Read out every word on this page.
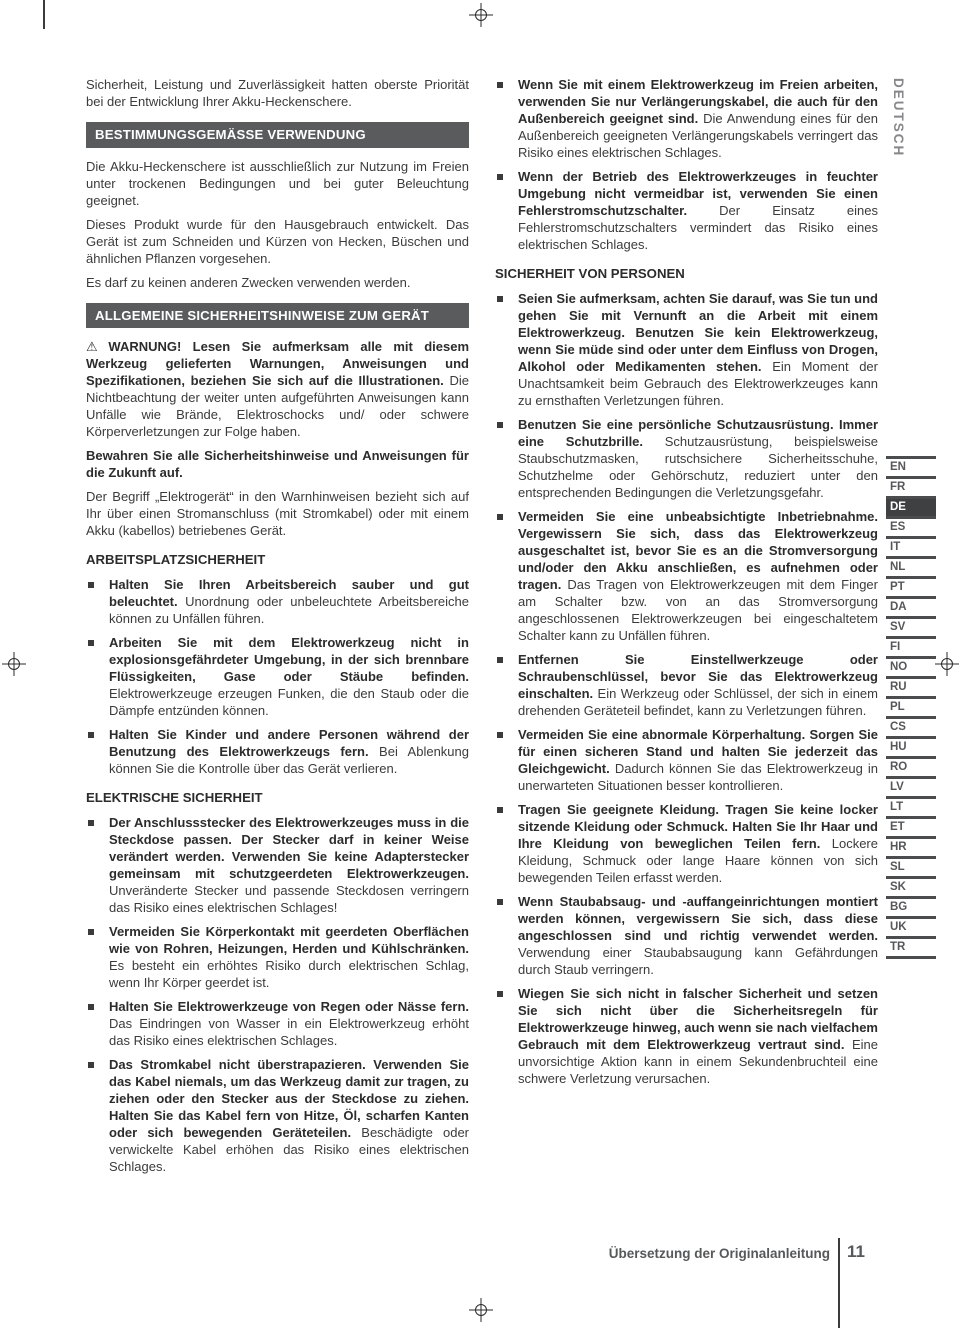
DEUTSCH
EN
FR
DE
ES
IT
NL
PT
DA
SV
FI
NO
RU
PL
CS
HU
RO
LV
LT
ET
HR
SL
SK
BG
UK
TR

Sicherheit, Leistung und Zuverlässigkeit hatten oberste Priorität bei der Entwicklung Ihrer Akku-Heckenschere.

BESTIMMUNGSGEMÄSSE VERWENDUNG

Die Akku-Heckenschere ist ausschließlich zur Nutzung im Freien unter trockenen Bedingungen und bei guter Beleuchtung geeignet.

Dieses Produkt wurde für den Hausgebrauch entwickelt. Das Gerät ist zum Schneiden und Kürzen von Hecken, Büschen und ähnlichen Pflanzen vorgesehen.

Es darf zu keinen anderen Zwecken verwenden werden.

ALLGEMEINE SICHERHEITSHINWEISE ZUM GERÄT

⚠ WARNUNG! Lesen Sie aufmerksam alle mit diesem Werkzeug gelieferten Warnungen, Anweisungen und Spezifikationen, beziehen Sie sich auf die Illustrationen. Die Nichtbeachtung der weiter unten aufgeführten Anweisungen kann Unfälle wie Brände, Elektroschocks und/ oder schwere Körperverletzungen zur Folge haben.

Bewahren Sie alle Sicherheitshinweise und Anweisungen für die Zukunft auf.

Der Begriff „Elektrogerät“ in den Warnhinweisen bezieht sich auf Ihr über einen Stromanschluss (mit Stromkabel) oder mit einem Akku (kabellos) betriebenes Gerät.

ARBEITSPLATZSICHERHEIT

Halten Sie Ihren Arbeitsbereich sauber und gut beleuchtet. Unordnung oder unbeleuchtete Arbeitsbereiche können zu Unfällen führen.

Arbeiten Sie mit dem Elektrowerkzeug nicht in explosionsgefährdeter Umgebung, in der sich brennbare Flüssigkeiten, Gase oder Stäube befinden. Elektrowerkzeuge erzeugen Funken, die den Staub oder die Dämpfe entzünden können.

Halten Sie Kinder und andere Personen während der Benutzung des Elektrowerkzeugs fern. Bei Ablenkung können Sie die Kontrolle über das Gerät verlieren.

ELEKTRISCHE SICHERHEIT

Der Anschlussstecker des Elektrowerkzeuges muss in die Steckdose passen. Der Stecker darf in keiner Weise verändert werden. Verwenden Sie keine Adapterstecker gemeinsam mit schutzgeerdeten Elektrowerkzeugen. Unveränderte Stecker und passende Steckdosen verringern das Risiko eines elektrischen Schlages!

Vermeiden Sie Körperkontakt mit geerdeten Oberflächen wie von Rohren, Heizungen, Herden und Kühlschränken. Es besteht ein erhöhtes Risiko durch elektrischen Schlag, wenn Ihr Körper geerdet ist.

Halten Sie Elektrowerkzeuge von Regen oder Nässe fern. Das Eindringen von Wasser in ein Elektrowerkzeug erhöht das Risiko eines elektrischen Schlages.

Das Stromkabel nicht überstrapazieren. Verwenden Sie das Kabel niemals, um das Werkzeug damit zur tragen, zu ziehen oder den Stecker aus der Steckdose zu ziehen. Halten Sie das Kabel fern von Hitze, Öl, scharfen Kanten oder sich bewegenden Geräteteilen. Beschädigte oder verwickelte Kabel erhöhen das Risiko eines elektrischen Schlages.

Wenn Sie mit einem Elektrowerkzeug im Freien arbeiten, verwenden Sie nur Verlängerungskabel, die auch für den Außenbereich geeignet sind. Die Anwendung eines für den Außenbereich geeigneten Verlängerungskabels verringert das Risiko eines elektrischen Schlages.

Wenn der Betrieb des Elektrowerkzeuges in feuchter Umgebung nicht vermeidbar ist, verwenden Sie einen Fehlerstromschutzschalter. Der Einsatz eines Fehlerstromschutzschalters vermindert das Risiko eines elektrischen Schlages.

SICHERHEIT VON PERSONEN

Seien Sie aufmerksam, achten Sie darauf, was Sie tun und gehen Sie mit Vernunft an die Arbeit mit einem Elektrowerkzeug. Benutzen Sie kein Elektrowerkzeug, wenn Sie müde sind oder unter dem Einfluss von Drogen, Alkohol oder Medikamenten stehen. Ein Moment der Unachtsamkeit beim Gebrauch des Elektrowerkzeuges kann zu ernsthaften Verletzungen führen.

Benutzen Sie eine persönliche Schutzausrüstung. Immer eine Schutzbrille. Schutzausrüstung, beispielsweise Staubschutzmasken, rutschsichere Sicherheitsschuhe, Schutzhelme oder Gehörschutz, reduziert unter den entsprechenden Bedingungen die Verletzungsgefahr.

Vermeiden Sie eine unbeabsichtigte Inbetriebnahme. Vergewissern Sie sich, dass das Elektrowerkzeug ausgeschaltet ist, bevor Sie es an die Stromversorgung und/oder den Akku anschließen, es aufnehmen oder tragen. Das Tragen von Elektrowerkzeugen mit dem Finger am Schalter bzw. von an das Stromversorgung angeschlossenen Elektrowerkzeugen bei eingeschaltetem Schalter kann zu Unfällen führen.

Entfernen Sie Einstellwerkzeuge oder Schraubenschlüssel, bevor Sie das Elektrowerkzeug einschalten. Ein Werkzeug oder Schlüssel, der sich in einem drehenden Geräteteil befindet, kann zu Verletzungen führen.

Vermeiden Sie eine abnormale Körperhaltung. Sorgen Sie für einen sicheren Stand und halten Sie jederzeit das Gleichgewicht. Dadurch können Sie das Elektrowerkzeug in unerwarteten Situationen besser kontrollieren.

Tragen Sie geeignete Kleidung. Tragen Sie keine locker sitzende Kleidung oder Schmuck. Halten Sie Ihr Haar und Ihre Kleidung von beweglichen Teilen fern. Lockere Kleidung, Schmuck oder lange Haare können von sich bewegenden Teilen erfasst werden.

Wenn Staubabsaug- und -auffangeinrichtungen montiert werden können, vergewissern Sie sich, dass diese angeschlossen sind und richtig verwendet werden. Verwendung einer Staubabsaugung kann Gefährdungen durch Staub verringern.

Wiegen Sie sich nicht in falscher Sicherheit und setzen Sie sich nicht über die Sicherheitsregeln für Elektrowerkzeuge hinweg, auch wenn sie nach vielfachem Gebrauch mit dem Elektrowerkzeug vertraut sind. Eine unvorsichtige Aktion kann in einem Sekundenbruchteil eine schwere Verletzung verursachen.

Übersetzung der Originalanleitung 11
